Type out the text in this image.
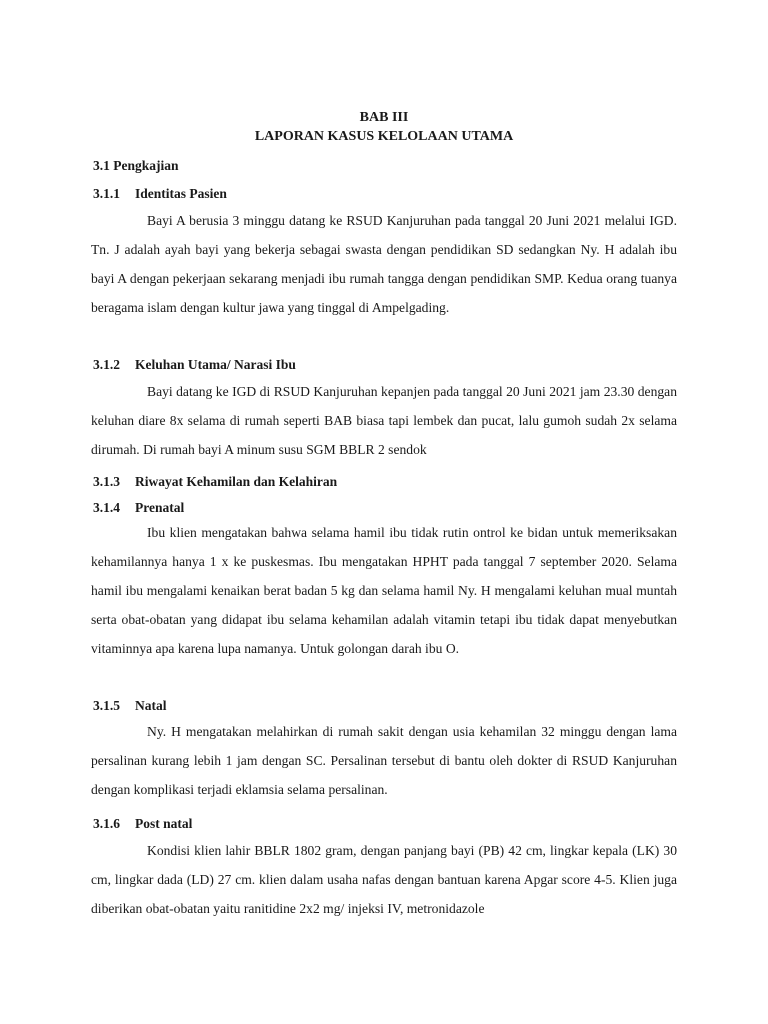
BAB III
LAPORAN KASUS KELOLAAN UTAMA
3.1 Pengkajian
3.1.1 Identitas Pasien

Bayi A berusia 3 minggu datang ke RSUD Kanjuruhan pada tanggal 20 Juni 2021 melalui IGD. Tn. J adalah ayah bayi yang bekerja sebagai swasta dengan pendidikan SD sedangkan Ny. H adalah ibu bayi A dengan pekerjaan sekarang menjadi ibu rumah tangga dengan pendidikan SMP. Kedua orang tuanya beragama islam dengan kultur jawa yang tinggal di Ampelgading.

3.1.2 Keluhan Utama/ Narasi Ibu

Bayi datang ke IGD di RSUD Kanjuruhan kepanjen pada tanggal 20 Juni 2021 jam 23.30 dengan keluhan diare 8x selama di rumah seperti BAB biasa tapi lembek dan pucat, lalu gumoh sudah 2x selama dirumah. Di rumah bayi A minum susu SGM BBLR 2 sendok

3.1.3 Riwayat Kehamilan dan Kelahiran
3.1.4 Prenatal

Ibu klien mengatakan bahwa selama hamil ibu tidak rutin ontrol ke bidan untuk memeriksakan kehamilannya hanya 1 x ke puskesmas. Ibu mengatakan HPHT pada tanggal 7 september 2020. Selama hamil ibu mengalami kenaikan berat badan 5 kg dan selama hamil Ny. H mengalami keluhan mual muntah serta obat-obatan yang didapat ibu selama kehamilan adalah vitamin tetapi ibu tidak dapat menyebutkan vitaminnya apa karena lupa namanya. Untuk golongan darah ibu O.

3.1.5 Natal

Ny. H mengatakan melahirkan di rumah sakit dengan usia kehamilan 32 minggu dengan lama persalinan kurang lebih 1 jam dengan SC. Persalinan tersebut di bantu oleh dokter di RSUD Kanjuruhan dengan komplikasi terjadi eklamsia selama persalinan.

3.1.6 Post natal

Kondisi klien lahir BBLR 1802 gram, dengan panjang bayi (PB) 42 cm, lingkar kepala (LK) 30 cm, lingkar dada (LD) 27 cm. klien dalam usaha nafas dengan bantuan karena Apgar score 4-5. Klien juga diberikan obat-obatan yaitu ranitidine 2x2 mg/ injeksi IV, metronidazole
